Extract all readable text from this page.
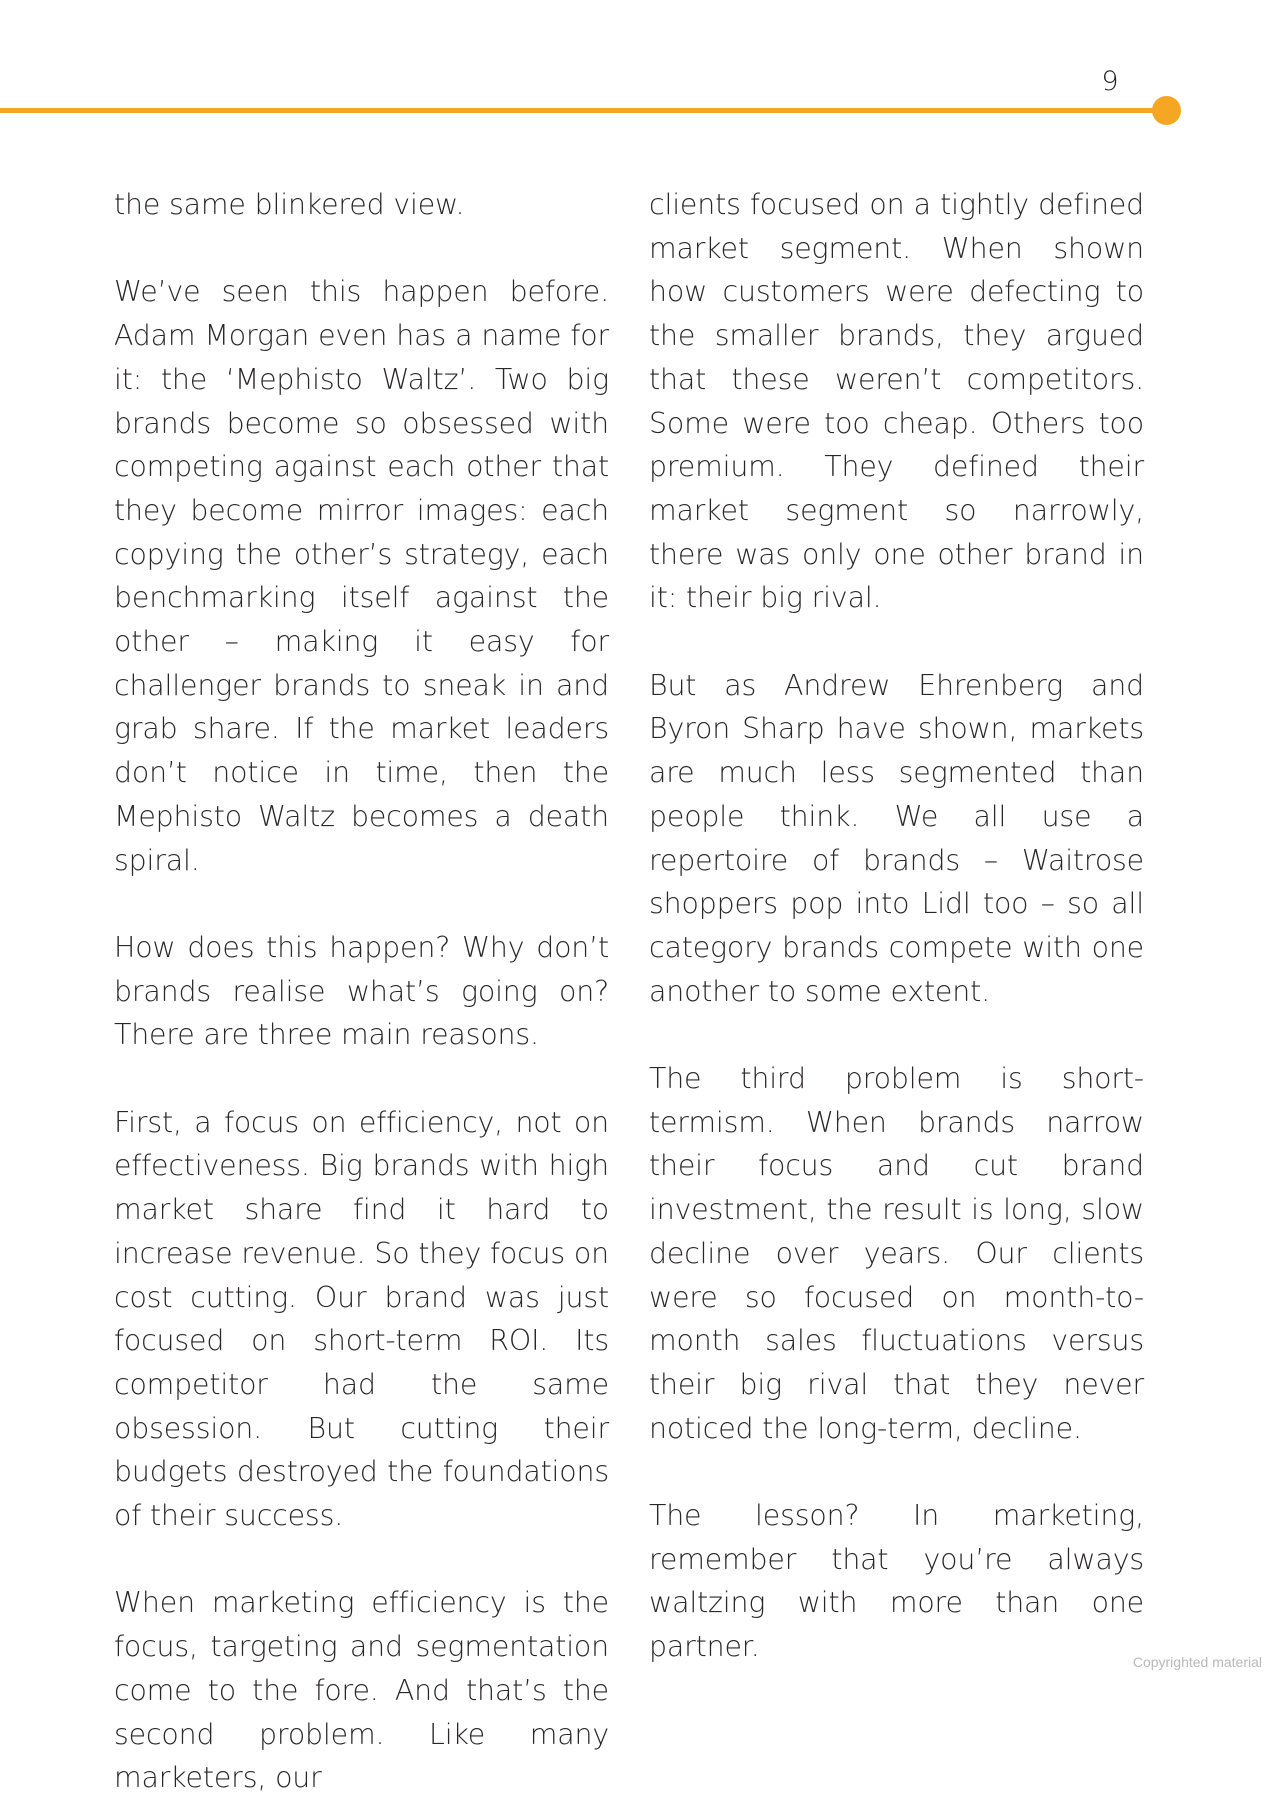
9

the same blinkered view.

We’ve seen this happen before. Adam Morgan even has a name for it: the ‘Mephisto Waltz’. Two big brands become so obsessed with competing against each other that they become mirror images: each copying the other’s strategy, each benchmarking itself against the other – making it easy for challenger brands to sneak in and grab share. If the market leaders don’t notice in time, then the Mephisto Waltz becomes a death spiral.

How does this happen? Why don’t brands realise what’s going on? There are three main reasons.

First, a focus on efficiency, not on effectiveness. Big brands with high market share find it hard to increase revenue. So they focus on cost cutting. Our brand was just focused on short-term ROI. Its competitor had the same obsession. But cutting their budgets destroyed the foundations of their success.

When marketing efficiency is the focus, targeting and segmentation come to the fore. And that’s the second problem. Like many marketers, our

clients focused on a tightly defined market segment. When shown how customers were defecting to the smaller brands, they argued that these weren’t competitors. Some were too cheap. Others too premium. They defined their market segment so narrowly, there was only one other brand in it: their big rival.

But as Andrew Ehrenberg and Byron Sharp have shown, markets are much less segmented than people think. We all use a repertoire of brands – Waitrose shoppers pop into Lidl too – so all category brands compete with one another to some extent.

The third problem is short-termism. When brands narrow their focus and cut brand investment, the result is long, slow decline over years. Our clients were so focused on month-to-month sales fluctuations versus their big rival that they never noticed the long-term, decline.

The lesson? In marketing, remember that you’re always waltzing with more than one partner.	Copyrighted material
